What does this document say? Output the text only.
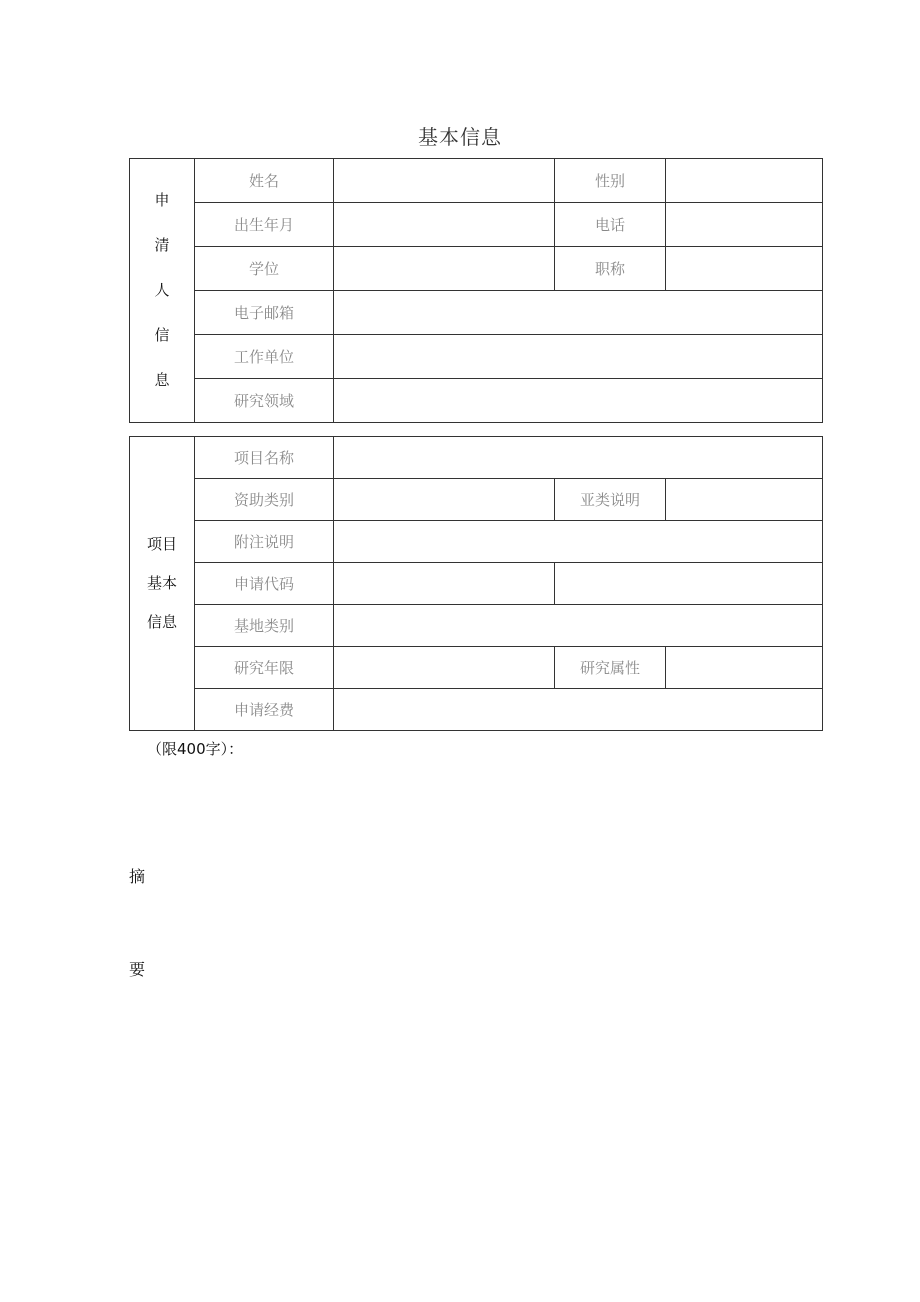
基本信息
申
清
人
信
息	姓名		性别	
	出生年月		电话	
	学位		职称	
	电子邮箱			
	工作单位			
	研究领域			
项目
基本
信息	项目名称			
	资助类别		亚类说明	
	附注说明			
	申请代码			
	基地类别			
	研究年限		研究属性	
	申请经费			
（限400字）：
摘
要
